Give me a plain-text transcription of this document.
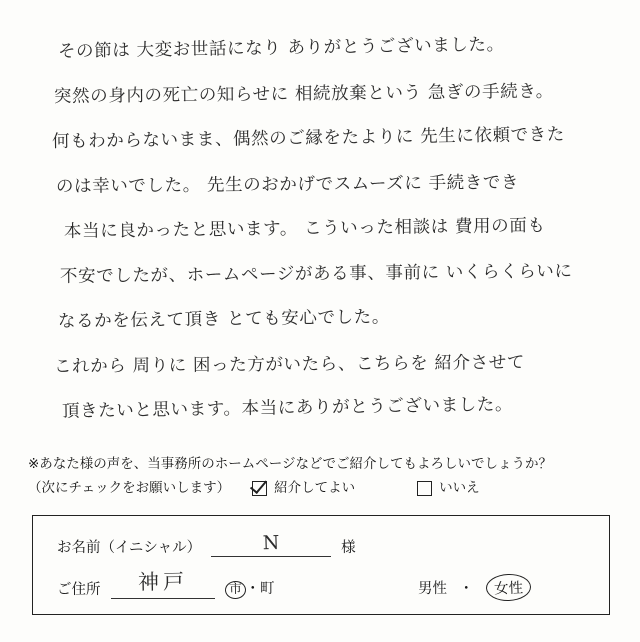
その節は 大変お世話になり ありがとうございました。
突然の身内の死亡の知らせに 相続放棄という 急ぎの手続き。
何もわからないまま、偶然のご縁をたよりに 先生に依頼できた
のは幸いでした。 先生のおかげでスムーズに 手続きでき
本当に良かったと思います。 こういった相談は 費用の面も
不安でしたが、ホームページがある事、事前に いくらくらいに
なるかを伝えて頂き とても安心でした。
これから 周りに 困った方がいたら、こちらを 紹介させて
頂きたいと思います。本当にありがとうございました。
※あなた様の声を、当事務所のホームページなどでご紹介してもよろしいでしょうか？
（次にチェックをお願いします）	紹介してよい	いいえ
お名前（イニシャル）	N	様
ご住所	神戸	市 ・町	男性 ・	女性
